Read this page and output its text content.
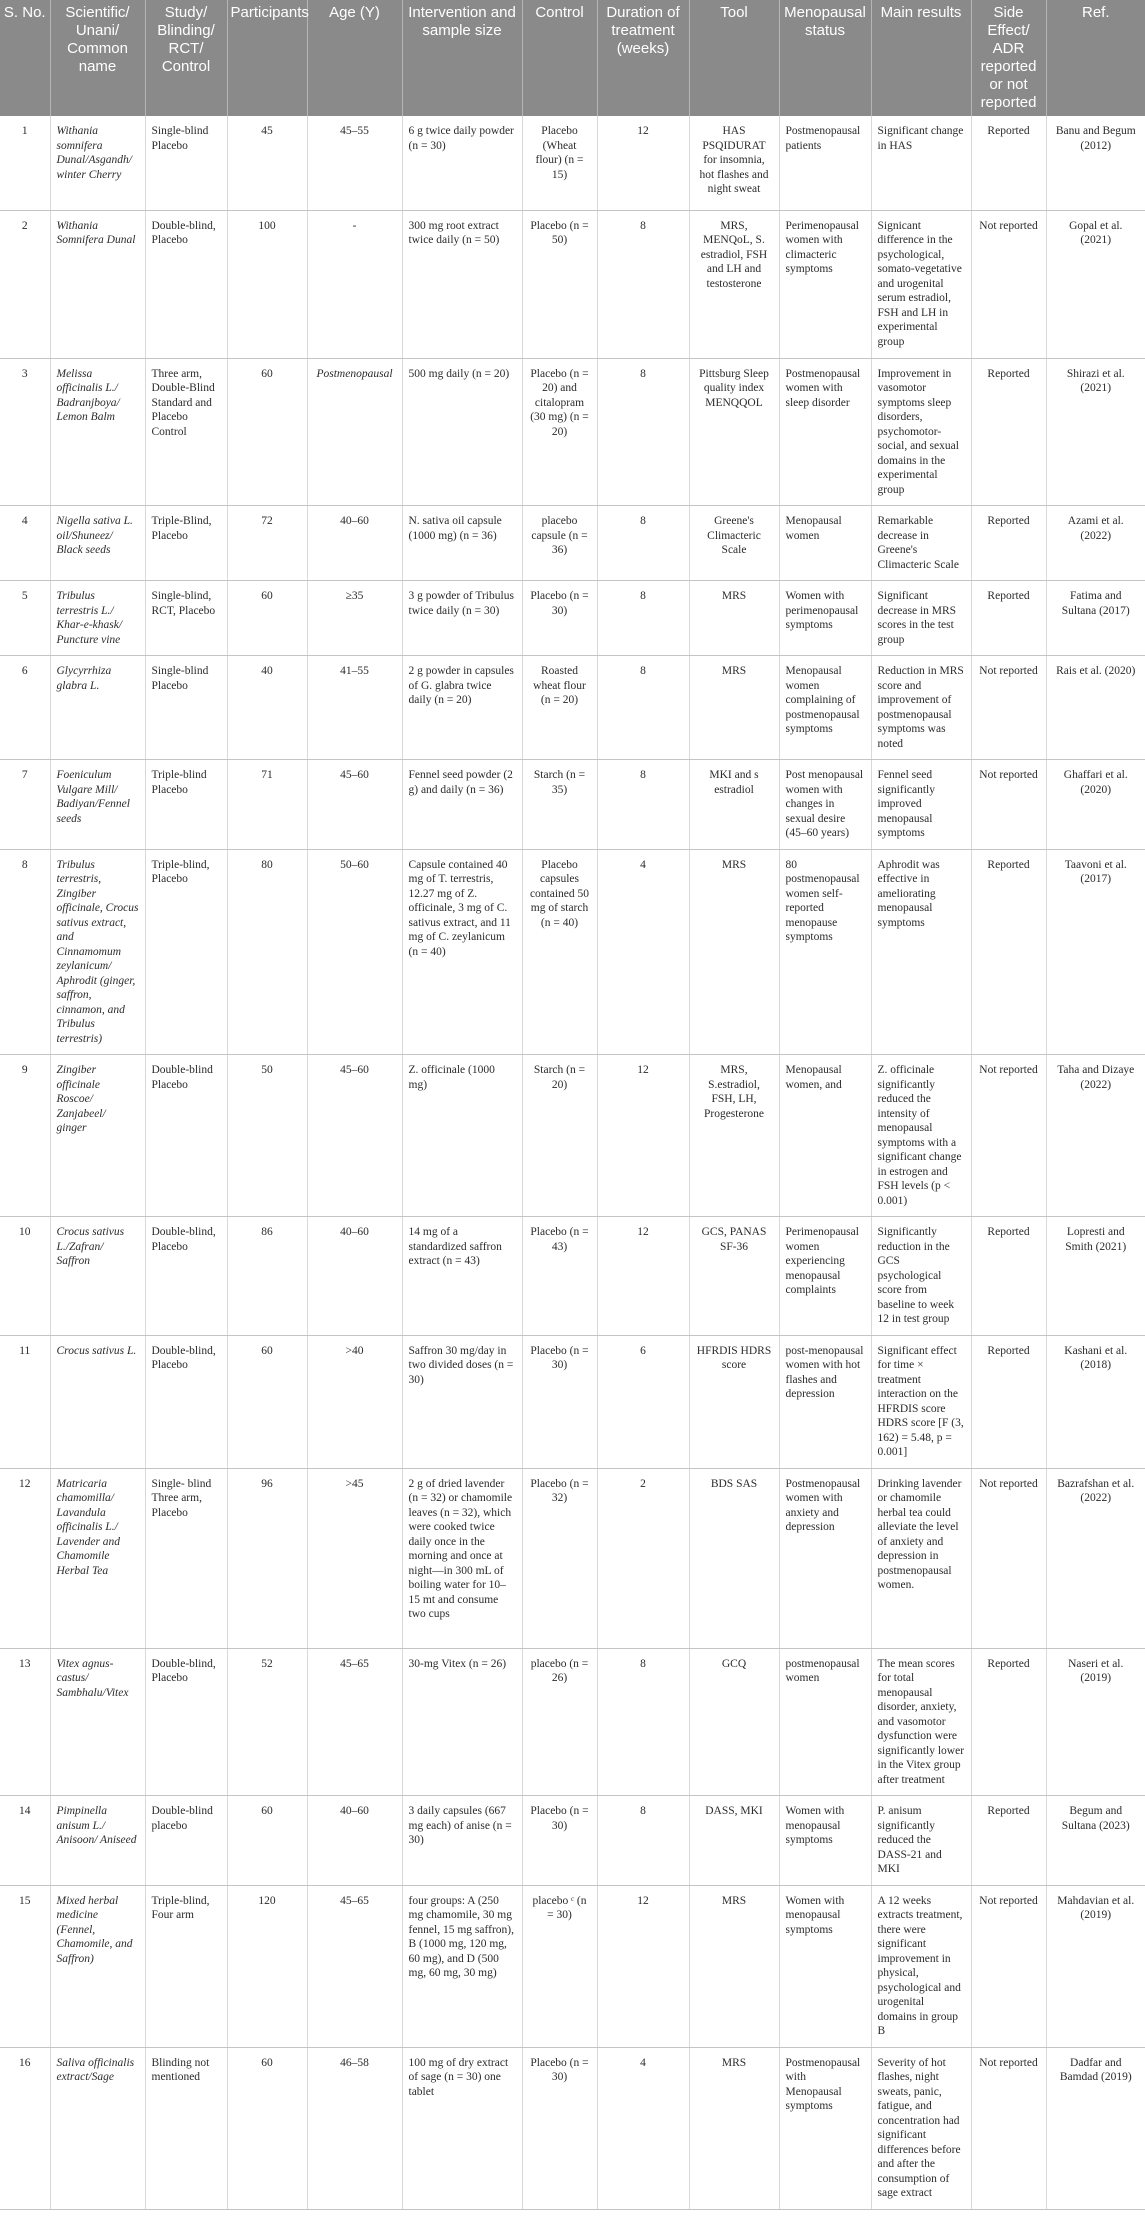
S. No.	Scientific/ Unani/ Common name	Study/ Blinding/ RCT/ Control	Participants	Age (Y)	Intervention and sample size	Control	Duration of treatment (weeks)	Tool	Menopausal status	Main results	Side Effect/ ADR reported or not reported	Ref.
1	Withania somnifera Dunal/Asgandh/ winter Cherry	Single-blind Placebo	45	45–55	6 g twice daily powder (n = 30)	Placebo (Wheat flour) (n = 15)	12	HAS PSQIDURAT for insomnia, hot flashes and night sweat	Postmenopausal patients	Significant change in HAS	Reported	Banu and Begum (2012)
2	Withania Somnifera Dunal	Double-blind, Placebo	100	-	300 mg root extract twice daily (n = 50)	Placebo (n = 50)	8	MRS, MENQoL, S. estradiol, FSH and LH and testosterone	Perimenopausal women with climacteric symptoms	Signicant difference in the psychological, somato-vegetative and urogenital serum estradiol, FSH and LH in experimental group	Not reported	Gopal et al. (2021)
3	Melissa officinalis L./ Badranjboya/ Lemon Balm	Three arm, Double-Blind Standard and Placebo Control	60	Postmenopausal	500 mg daily (n = 20)	Placebo (n = 20) and citalopram (30 mg) (n = 20)	8	Pittsburg Sleep quality index MENQQOL	Postmenopausal women with sleep disorder	Improvement in vasomotor symptoms sleep disorders, psychomotor-social, and sexual domains in the experimental group	Reported	Shirazi et al. (2021)
4	Nigella sativa L. oil/Shuneez/ Black seeds	Triple-Blind, Placebo	72	40–60	N. sativa oil capsule (1000 mg) (n = 36)	placebo capsule (n = 36)	8	Greene's Climacteric Scale	Menopausal women	Remarkable decrease in Greene's Climacteric Scale	Reported	Azami et al. (2022)
5	Tribulus terrestris L./ Khar-e-khask/ Puncture vine	Single-blind, RCT, Placebo	60	≥35	3 g powder of Tribulus twice daily (n = 30)	Placebo (n = 30)	8	MRS	Women with perimenopausal symptoms	Significant decrease in MRS scores in the test group	Reported	Fatima and Sultana (2017)
6	Glycyrrhiza glabra L.	Single-blind Placebo	40	41–55	2 g powder in capsules of G. glabra twice daily (n = 20)	Roasted wheat flour (n = 20)	8	MRS	Menopausal women complaining of postmenopausal symptoms	Reduction in MRS score and improvement of postmenopausal symptoms was noted	Not reported	Rais et al. (2020)
7	Foeniculum Vulgare Mill/ Badiyan/Fennel seeds	Triple-blind Placebo	71	45–60	Fennel seed powder (2 g) and daily (n = 36)	Starch (n = 35)	8	MKI and s estradiol	Post menopausal women with changes in sexual desire (45–60 years)	Fennel seed significantly improved menopausal symptoms	Not reported	Ghaffari et al. (2020)
8	Tribulus terrestris, Zingiber officinale, Crocus sativus extract, and Cinnamomum zeylanicum/ Aphrodit (ginger, saffron, cinnamon, and Tribulus terrestris)	Triple-blind, Placebo	80	50–60	Capsule contained 40 mg of T. terrestris, 12.27 mg of Z. officinale, 3 mg of C. sativus extract, and 11 mg of C. zeylanicum (n = 40)	Placebo capsules contained 50 mg of starch (n = 40)	4	MRS	80 postmenopausal women self-reported menopause symptoms	Aphrodit was effective in ameliorating menopausal symptoms	Reported	Taavoni et al. (2017)
9	Zingiber officinale Roscoe/ Zanjabeel/ ginger	Double-blind Placebo	50	45–60	Z. officinale (1000 mg)	Starch (n = 20)	12	MRS, S.estradiol, FSH, LH, Progesterone	Menopausal women, and	Z. officinale significantly reduced the intensity of menopausal symptoms with a significant change in estrogen and FSH levels (p < 0.001)	Not reported	Taha and Dizaye (2022)
10	Crocus sativus L./Zafran/ Saffron	Double-blind, Placebo	86	40–60	14 mg of a standardized saffron extract (n = 43)	Placebo (n = 43)	12	GCS, PANAS SF-36	Perimenopausal women experiencing menopausal complaints	Significantly reduction in the GCS psychological score from baseline to week 12 in test group	Reported	Lopresti and Smith (2021)
11	Crocus sativus L.	Double-blind, Placebo	60	>40	Saffron 30 mg/day in two divided doses (n = 30)	Placebo (n = 30)	6	HFRDIS HDRS score	post-menopausal women with hot flashes and depression	Significant effect for time × treatment interaction on the HFRDIS score HDRS score [F (3, 162) = 5.48, p = 0.001]	Reported	Kashani et al. (2018)
12	Matricaria chamomilla/ Lavandula officinalis L./ Lavender and Chamomile Herbal Tea	Single- blind Three arm, Placebo	96	>45	2 g of dried lavender (n = 32) or chamomile leaves (n = 32), which were cooked twice daily once in the morning and once at night—in 300 mL of boiling water for 10–15 mt and consume two cups	Placebo (n = 32)	2	BDS SAS	Postmenopausal women with anxiety and depression	Drinking lavender or chamomile herbal tea could alleviate the level of anxiety and depression in postmenopausal women.	Not reported	Bazrafshan et al. (2022)
13	Vitex agnus-castus/ Sambhalu/Vitex	Double-blind, Placebo	52	45–65	30-mg Vitex (n = 26)	placebo (n = 26)	8	GCQ	postmenopausal women	The mean scores for total menopausal disorder, anxiety, and vasomotor dysfunction were significantly lower in the Vitex group after treatment	Reported	Naseri et al. (2019)
14	Pimpinella anisum L./ Anisoon/ Aniseed	Double-blind placebo	60	40–60	3 daily capsules (667 mg each) of anise (n = 30)	Placebo (n = 30)	8	DASS, MKI	Women with menopausal symptoms	P. anisum significantly reduced the DASS-21 and MKI	Reported	Begum and Sultana (2023)
15	Mixed herbal medicine (Fennel, Chamomile, and Saffron)	Triple-blind, Four arm	120	45–65	four groups: A (250 mg chamomile, 30 mg fennel, 15 mg saffron), B (1000 mg, 120 mg, 60 mg), and D (500 mg, 60 mg, 30 mg)	placebo ᶜ (n = 30)	12	MRS	Women with menopausal symptoms	A 12 weeks extracts treatment, there were significant improvement in physical, psychological and urogenital domains in group B	Not reported	Mahdavian et al. (2019)
16	Saliva officinalis extract/Sage	Blinding not mentioned	60	46–58	100 mg of dry extract of sage (n = 30) one tablet	Placebo (n = 30)	4	MRS	Postmenopausal with Menopausal symptoms	Severity of hot flashes, night sweats, panic, fatigue, and concentration had significant differences before and after the consumption of sage extract	Not reported	Dadfar and Bamdad (2019)
